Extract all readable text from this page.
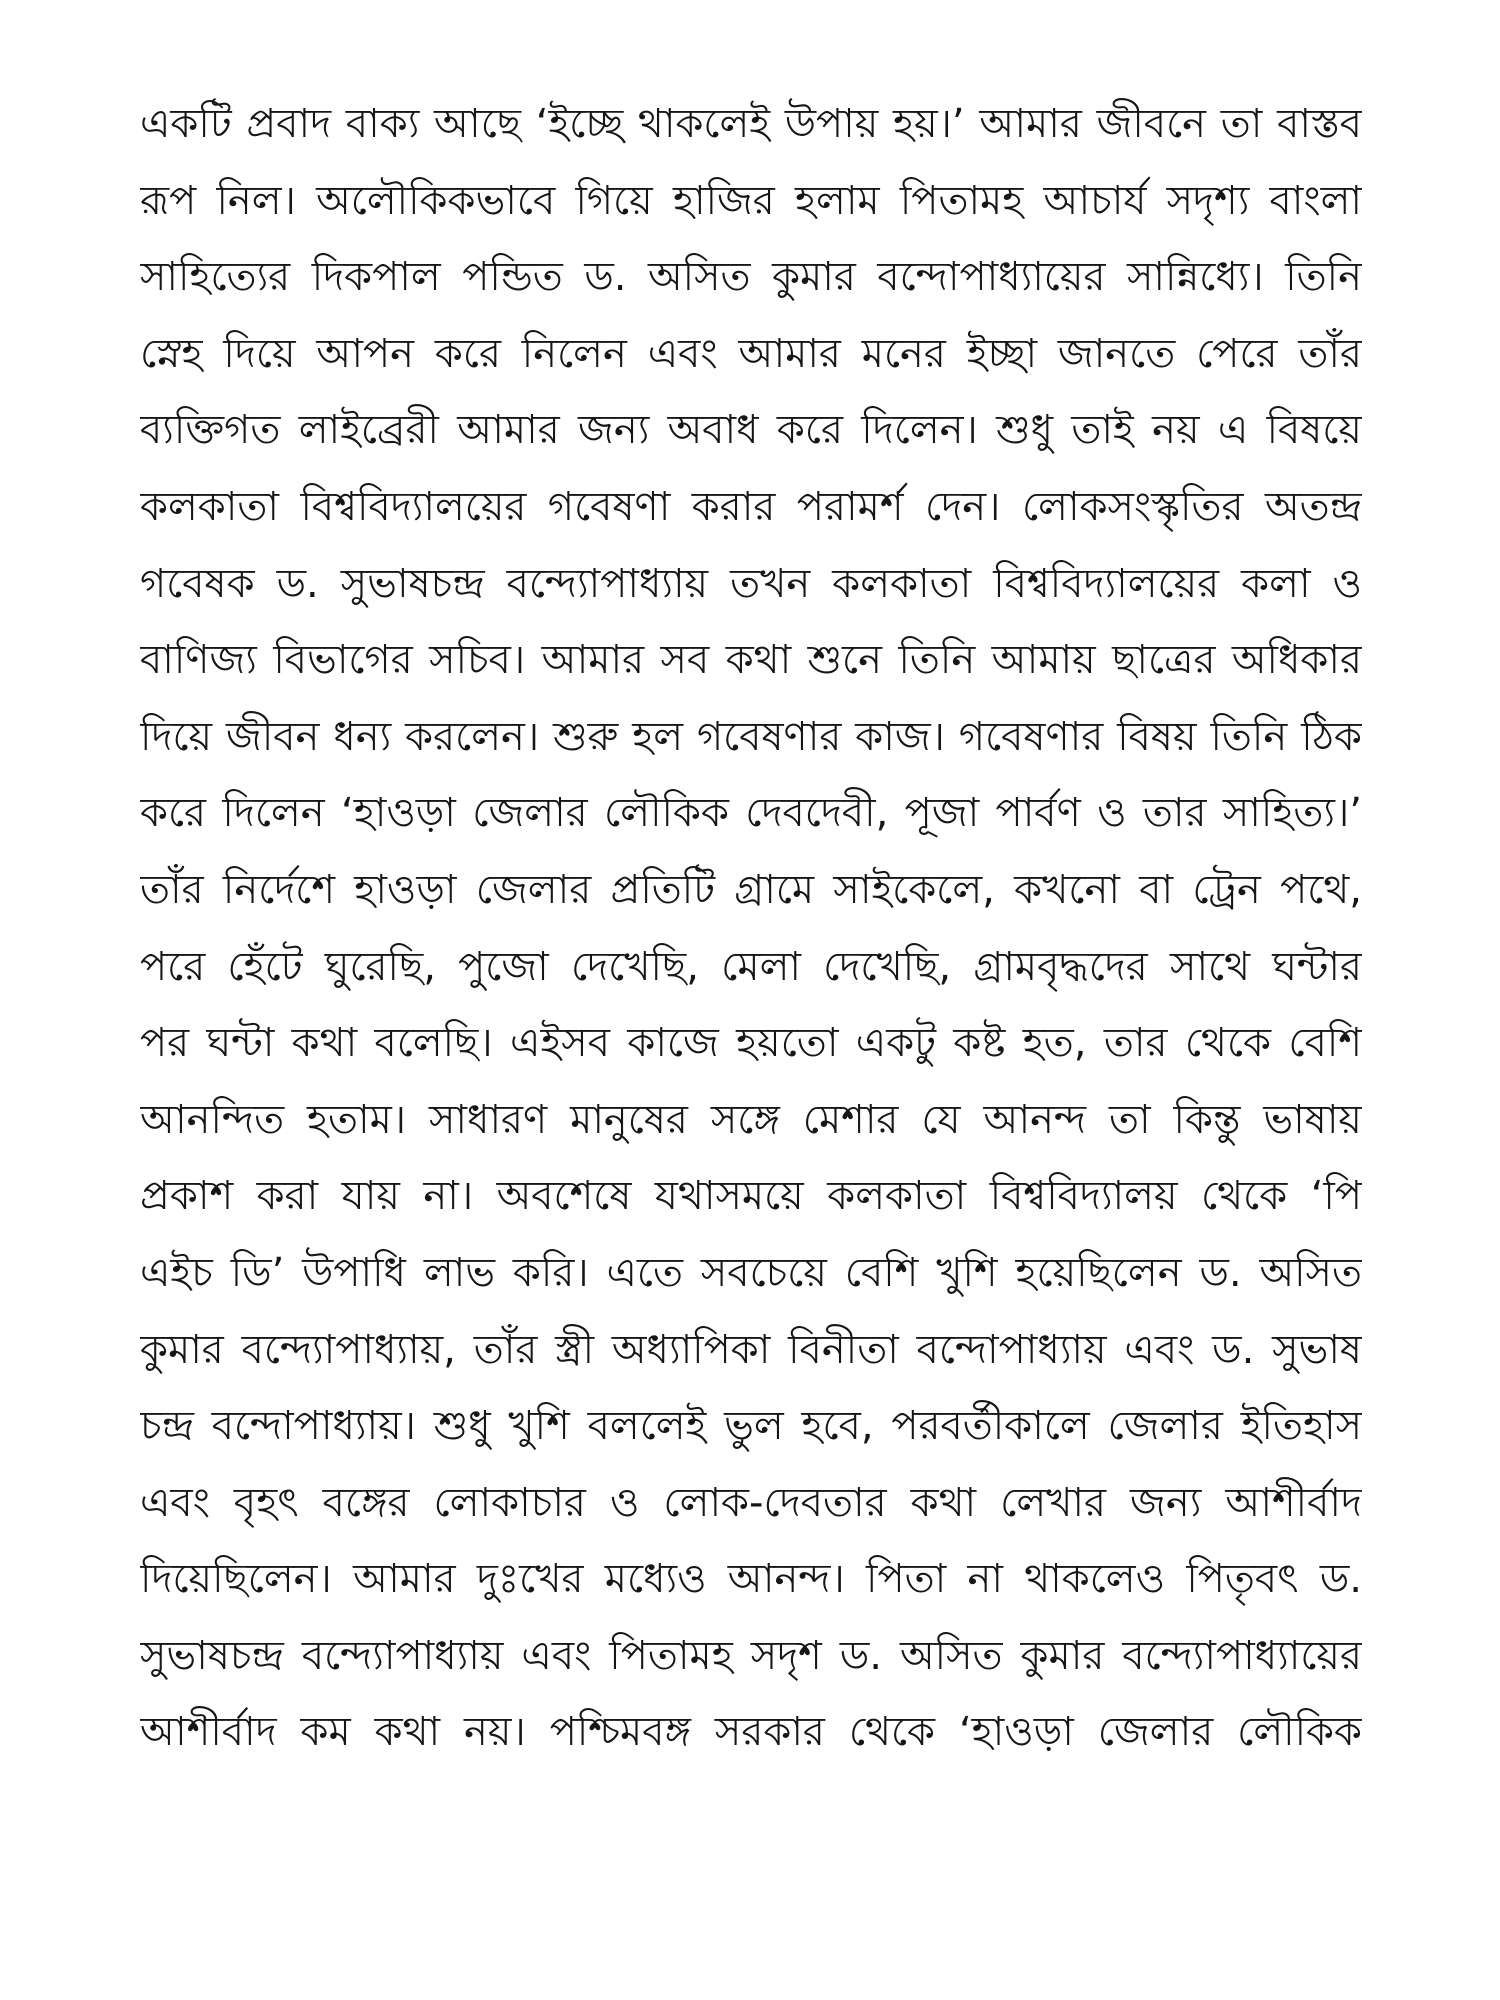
একটি প্রবাদ বাক্য আছে ‘ইচ্ছে থাকলেই উপায় হয়।’ আমার জীবনে তা বাস্তব
রূপ নিল। অলৌকিকভাবে গিয়ে হাজির হলাম পিতামহ আচার্য সদৃশ্য বাংলা
সাহিত্যের দিকপাল পন্ডিত ড. অসিত কুমার বন্দোপাধ্যায়ের সান্নিধ্যে। তিনি
স্নেহ দিয়ে আপন করে নিলেন এবং আমার মনের ইচ্ছা জানতে পেরে তাঁর
ব্যক্তিগত লাইব্রেরী আমার জন্য অবাধ করে দিলেন। শুধু তাই নয় এ বিষয়ে
কলকাতা বিশ্ববিদ্যালয়ের গবেষণা করার পরামর্শ দেন। লোকসংস্কৃতির অতন্দ্র
গবেষক ড. সুভাষচন্দ্র বন্দ্যোপাধ্যায় তখন কলকাতা বিশ্ববিদ্যালয়ের কলা ও
বাণিজ্য বিভাগের সচিব। আমার সব কথা শুনে তিনি আমায় ছাত্রের অধিকার
দিয়ে জীবন ধন্য করলেন। শুরু হল গবেষণার কাজ। গবেষণার বিষয় তিনি ঠিক
করে দিলেন ‘হাওড়া জেলার লৌকিক দেবদেবী, পূজা পার্বণ ও তার সাহিত্য।’
তাঁর নির্দেশে হাওড়া জেলার প্রতিটি গ্রামে সাইকেলে, কখনো বা ট্রেন পথে,
পরে হেঁটে ঘুরেছি, পুজো দেখেছি, মেলা দেখেছি, গ্রামবৃদ্ধদের সাথে ঘন্টার
পর ঘন্টা কথা বলেছি। এইসব কাজে হয়তো একটু কষ্ট হত, তার থেকে বেশি
আনন্দিত হতাম। সাধারণ মানুষের সঙ্গে মেশার যে আনন্দ তা কিন্তু ভাষায়
প্রকাশ করা যায় না। অবশেষে যথাসময়ে কলকাতা বিশ্ববিদ্যালয় থেকে ‘পি
এইচ ডি’ উপাধি লাভ করি। এতে সবচেয়ে বেশি খুশি হয়েছিলেন ড. অসিত
কুমার বন্দ্যোপাধ্যায়, তাঁর স্ত্রী অধ্যাপিকা বিনীতা বন্দোপাধ্যায় এবং ড. সুভাষ
চন্দ্র বন্দোপাধ্যায়। শুধু খুশি বললেই ভুল হবে, পরবর্তীকালে জেলার ইতিহাস
এবং বৃহৎ বঙ্গের লোকাচার ও লোক-দেবতার কথা লেখার জন্য আশীর্বাদ
দিয়েছিলেন। আমার দুঃখের মধ্যেও আনন্দ। পিতা না থাকলেও পিতৃবৎ ড.
সুভাষচন্দ্র বন্দ্যোপাধ্যায় এবং পিতামহ সদৃশ ড. অসিত কুমার বন্দ্যোপাধ্যায়ের
আশীর্বাদ কম কথা নয়। পশ্চিমবঙ্গ সরকার থেকে ‘হাওড়া জেলার লৌকিক
